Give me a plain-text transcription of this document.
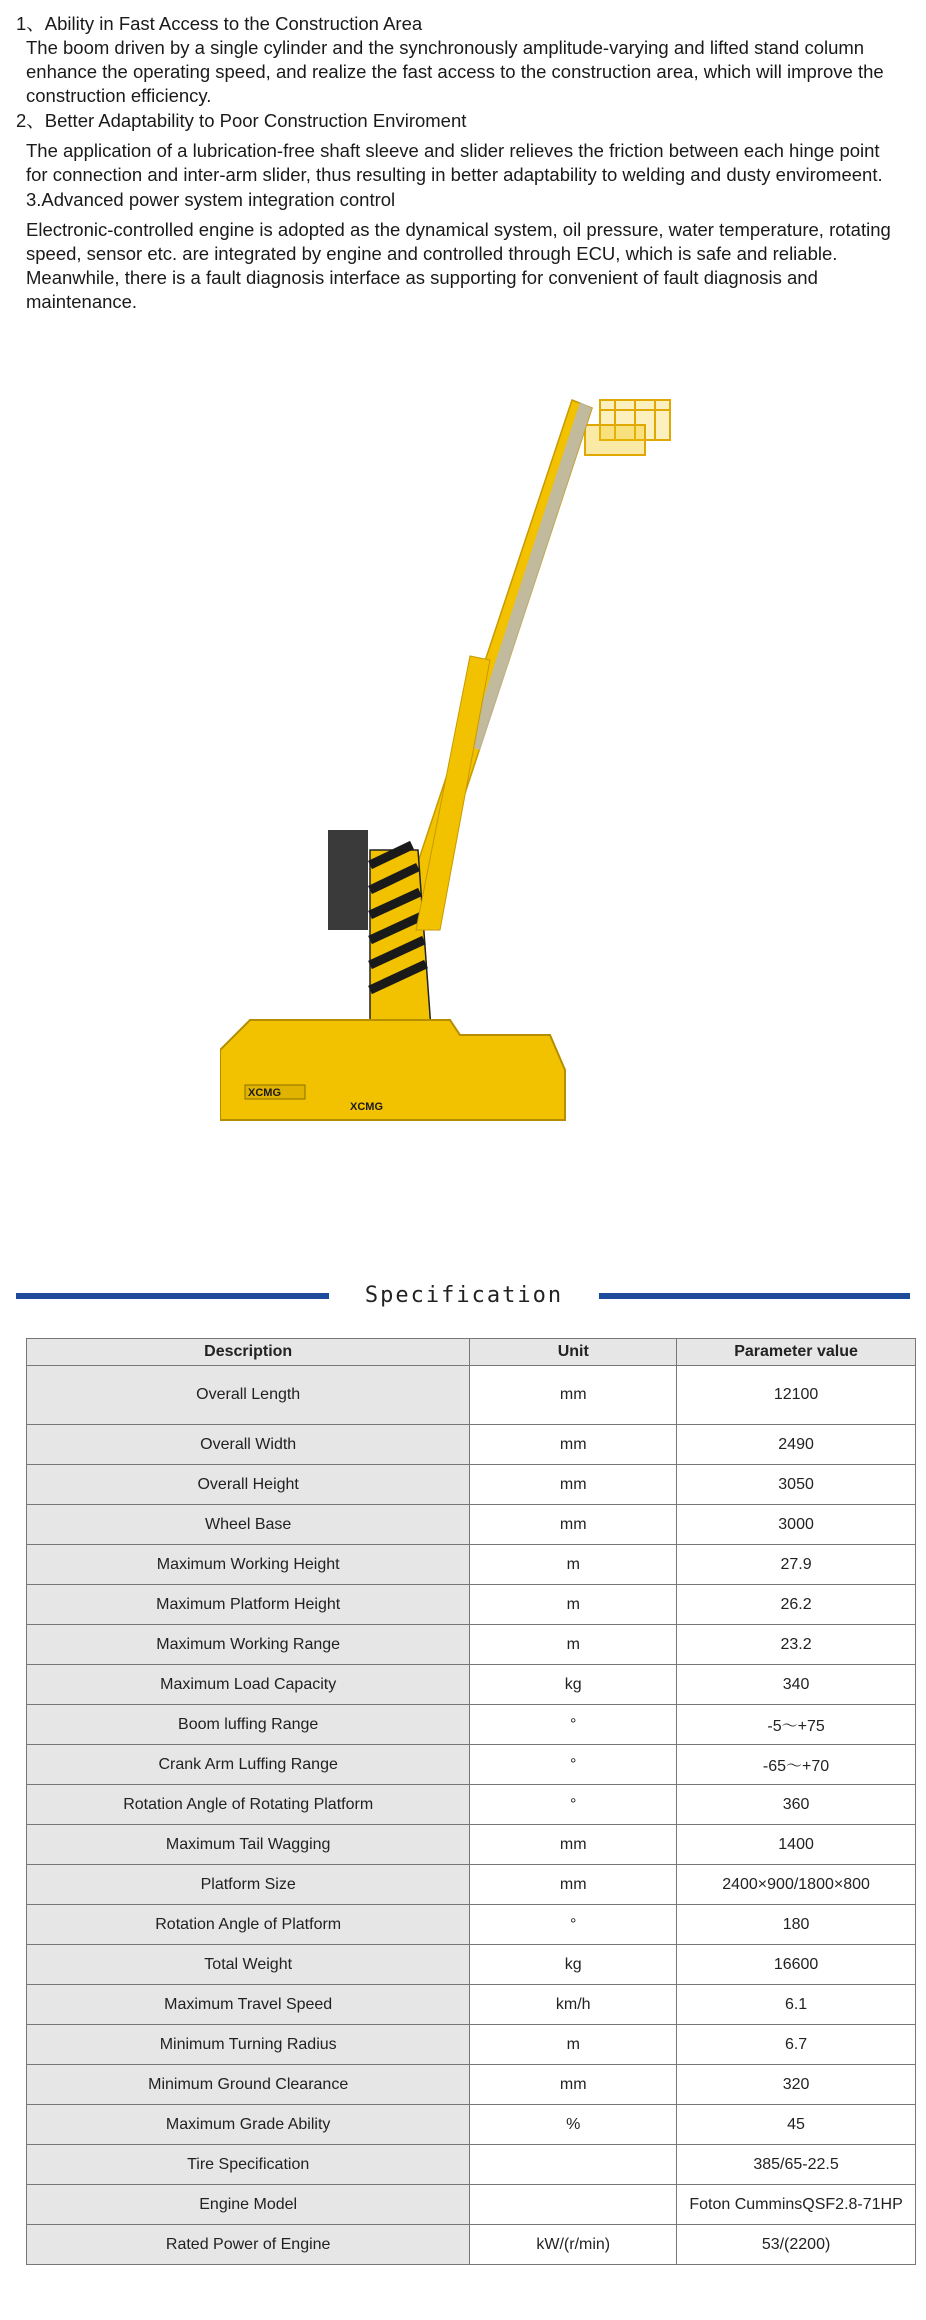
1、Ability in Fast Access to the Construction Area

The boom driven by a single cylinder and the synchronously amplitude-varying and lifted stand column enhance the operating speed, and realize the fast access to the construction area, which will improve the construction efficiency.

2、Better Adaptability to Poor Construction Enviroment

The application of a lubrication-free shaft sleeve and slider relieves the friction between each hinge point for connection and inter-arm slider, thus resulting in better adaptability to welding and dusty enviromeent.

3.Advanced power system integration control

Electronic-controlled engine is adopted as the dynamical system, oil pressure, water temperature, rotating speed, sensor etc. are integrated by engine and controlled through ECU, which is safe and reliable. Meanwhile, there is a fault diagnosis interface as supporting for convenient of fault diagnosis and maintenance.

XCMG
XCMG
Specification
Description	Unit	Parameter value
Overall Length	mm	12100
Overall Width	mm	2490
Overall Height	mm	3050
Wheel Base	mm	3000
Maximum Working Height	m	27.9
Maximum Platform Height	m	26.2
Maximum Working Range	m	23.2
Maximum Load Capacity	kg	340
Boom luffing Range	°	-5～+75
Crank Arm Luffing Range	°	-65～+70
Rotation Angle of Rotating Platform	°	360
Maximum Tail Wagging	mm	1400
Platform Size	mm	2400×900/1800×800
Rotation Angle of Platform	°	180
Total Weight	kg	16600
Maximum Travel Speed	km/h	6.1
Minimum Turning Radius	m	6.7
Minimum Ground Clearance	mm	320
Maximum Grade Ability	%	45
Tire Specification		385/65-22.5
Engine Model		Foton CumminsQSF2.8-71HP
Rated Power of Engine	kW/(r/min)	53/(2200)
